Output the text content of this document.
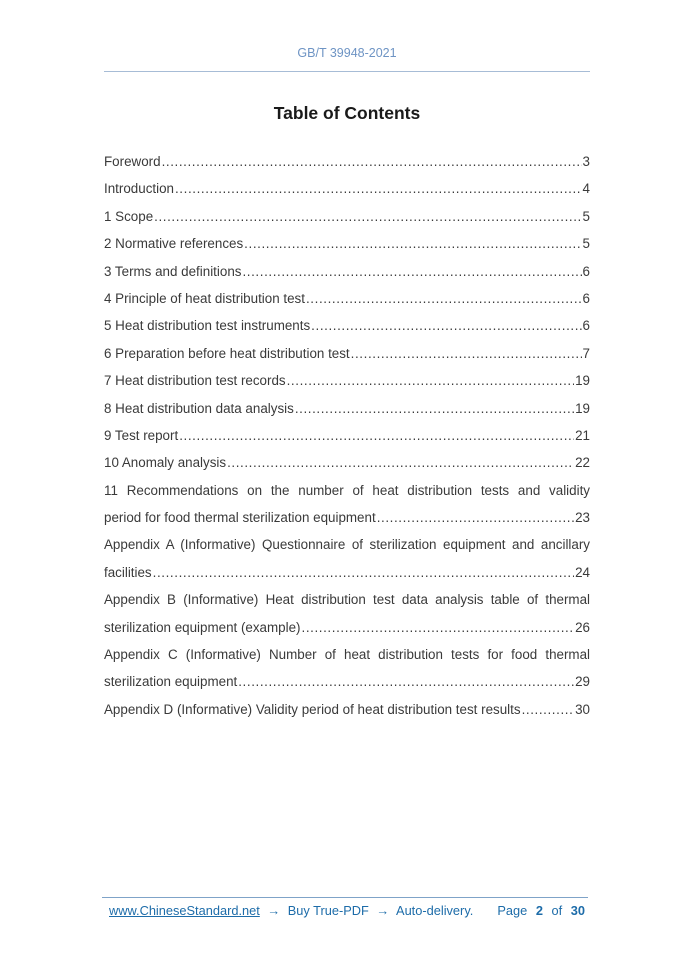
GB/T 39948-2021
Table of Contents
Foreword .....	3
Introduction .....	4
1 Scope .....	5
2 Normative references .....	5
3 Terms and definitions .....	6
4 Principle of heat distribution test .....	6
5 Heat distribution test instruments .....	6
6 Preparation before heat distribution test .....	7
7 Heat distribution test records .....	19
8 Heat distribution data analysis .....	19
9 Test report .....	21
10 Anomaly analysis .....	22
11 Recommendations on the number of heat distribution tests and validity
period for food thermal sterilization equipment .....	23
Appendix A (Informative) Questionnaire of sterilization equipment and ancillary
facilities .....	24
Appendix B (Informative) Heat distribution test data analysis table of thermal
sterilization equipment (example) .....	26
Appendix C (Informative) Number of heat distribution tests for food thermal
sterilization equipment .....	29
Appendix D (Informative) Validity period of heat distribution test results .....	30
www.ChineseStandard.net → Buy True-PDF → Auto-delivery. Page 2 of 30
